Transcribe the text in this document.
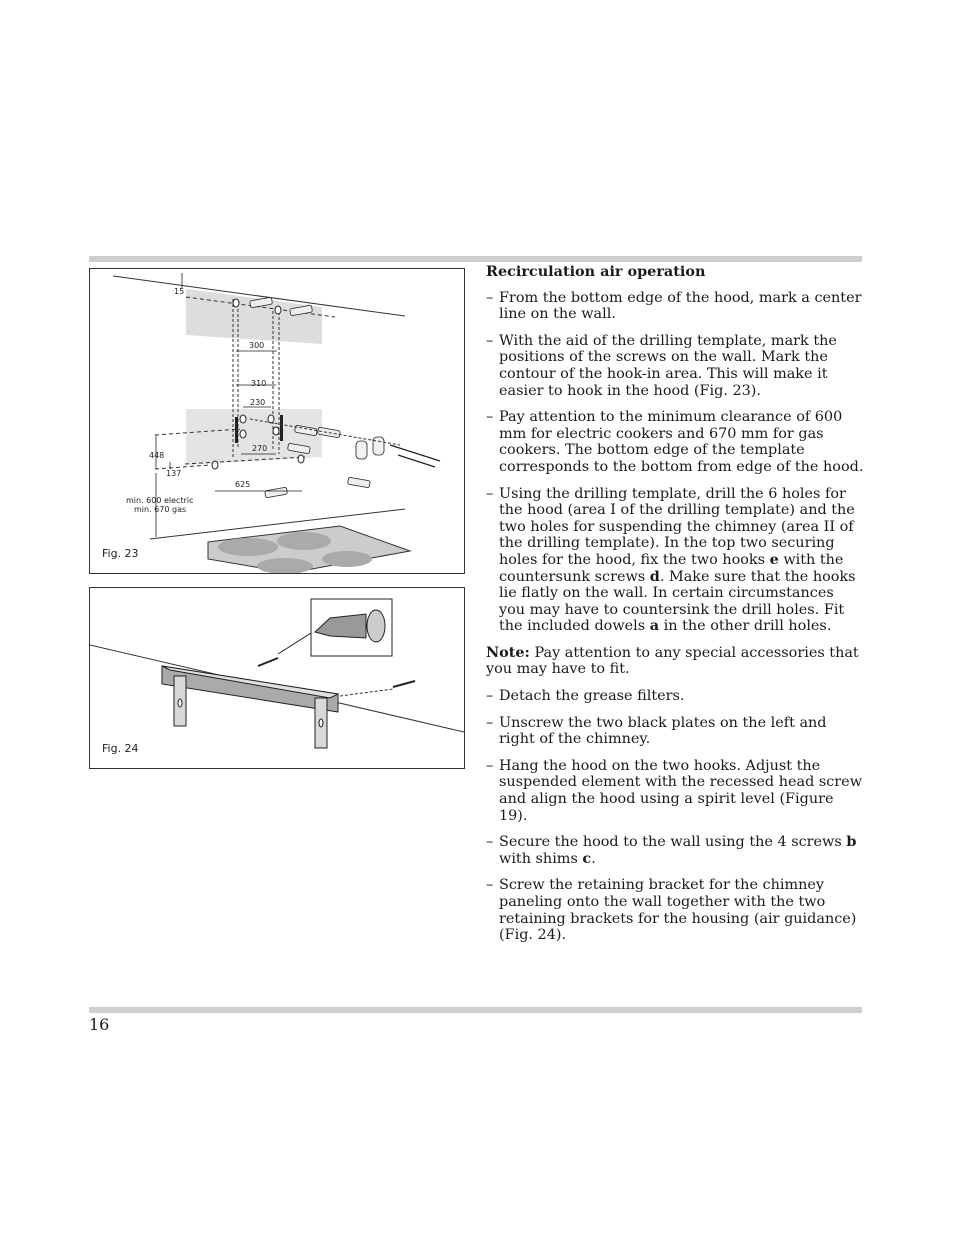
15
300
310
230
270
448
137
625
min. 600 electric
min. 670 gas
Fig. 23
Fig. 24
Recirculation air operation
– From the bottom edge of the hood, mark a center line on the wall.
– With the aid of the drilling template, mark the positions of the screws on the wall. Mark the contour of the hook-in area. This will make it easier to hook in the hood (Fig. 23).
– Pay attention to the minimum clearance of 600 mm for electric cookers and 670 mm for gas cookers. The bottom edge of the template corresponds to the bottom from edge of the hood.
– Using the drilling template, drill the 6 holes for the hood (area I of the drilling template) and the two holes for suspending the chimney (area II of the drilling template). In the top two securing holes for the hood, fix the two hooks e with the countersunk screws d. Make sure that the hooks lie flatly on the wall. In certain circumstances you may have to countersink the drill holes. Fit the included dowels a in the other drill holes.
Note: Pay attention to any special accessories that you may have to fit.
– Detach the grease filters.
– Unscrew the two black plates on the left and right of the chimney.
– Hang the hood on the two hooks. Adjust the suspended element with the recessed head screw and align the hood using a spirit level (Figure 19).
– Secure the hood to the wall using the 4 screws b with shims c.
– Screw the retaining bracket for the chimney paneling onto the wall together with the two retaining brackets for the housing (air guidance) (Fig. 24).
16
